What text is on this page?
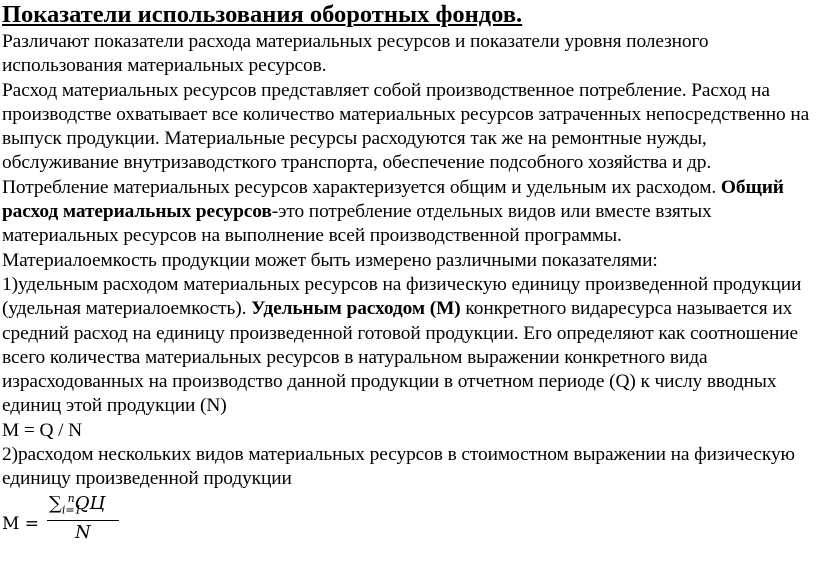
Показатели использования оборотных фондов.

Различают показатели расхода материальных ресурсов и показатели уровня полезного использования материальных ресурсов.

Расход материальных ресурсов представляет собой производственное потребление. Расход на производстве охватывает все количество материальных ресурсов затраченных непосредственно на выпуск продукции. Материальные ресурсы расходуются так же на ремонтные нужды, обслуживание внутризаводсткого транспорта, обеспечение подсобного хозяйства и др. Потребление материальных ресурсов характеризуется общим и удельным их расходом. Общий расход материальных ресурсов-это потребление отдельных видов или вместе взятых материальных ресурсов на выполнение всей производственной программы.

Материалоемкость продукции может быть измерено различными показателями:

1)удельным расходом материальных ресурсов на физическую единицу произведенной продукции (удельная материалоемкость). Удельным расходом (М) конкретного видаресурса называется их средний расход на единицу произведенной готовой продукции. Его определяют как соотношение всего количества материальных ресурсов в натуральном выражении конкретного вида израсходованных на производство данной продукции в отчетном периоде (Q) к числу вводных единиц этой продукции (N)

М = Q / N

2)расходом нескольких видов материальных ресурсов в стоимостном выражении на физическую единицу произведенной продукции

М =
$\sum_{i=1}^nQЦ$
N
